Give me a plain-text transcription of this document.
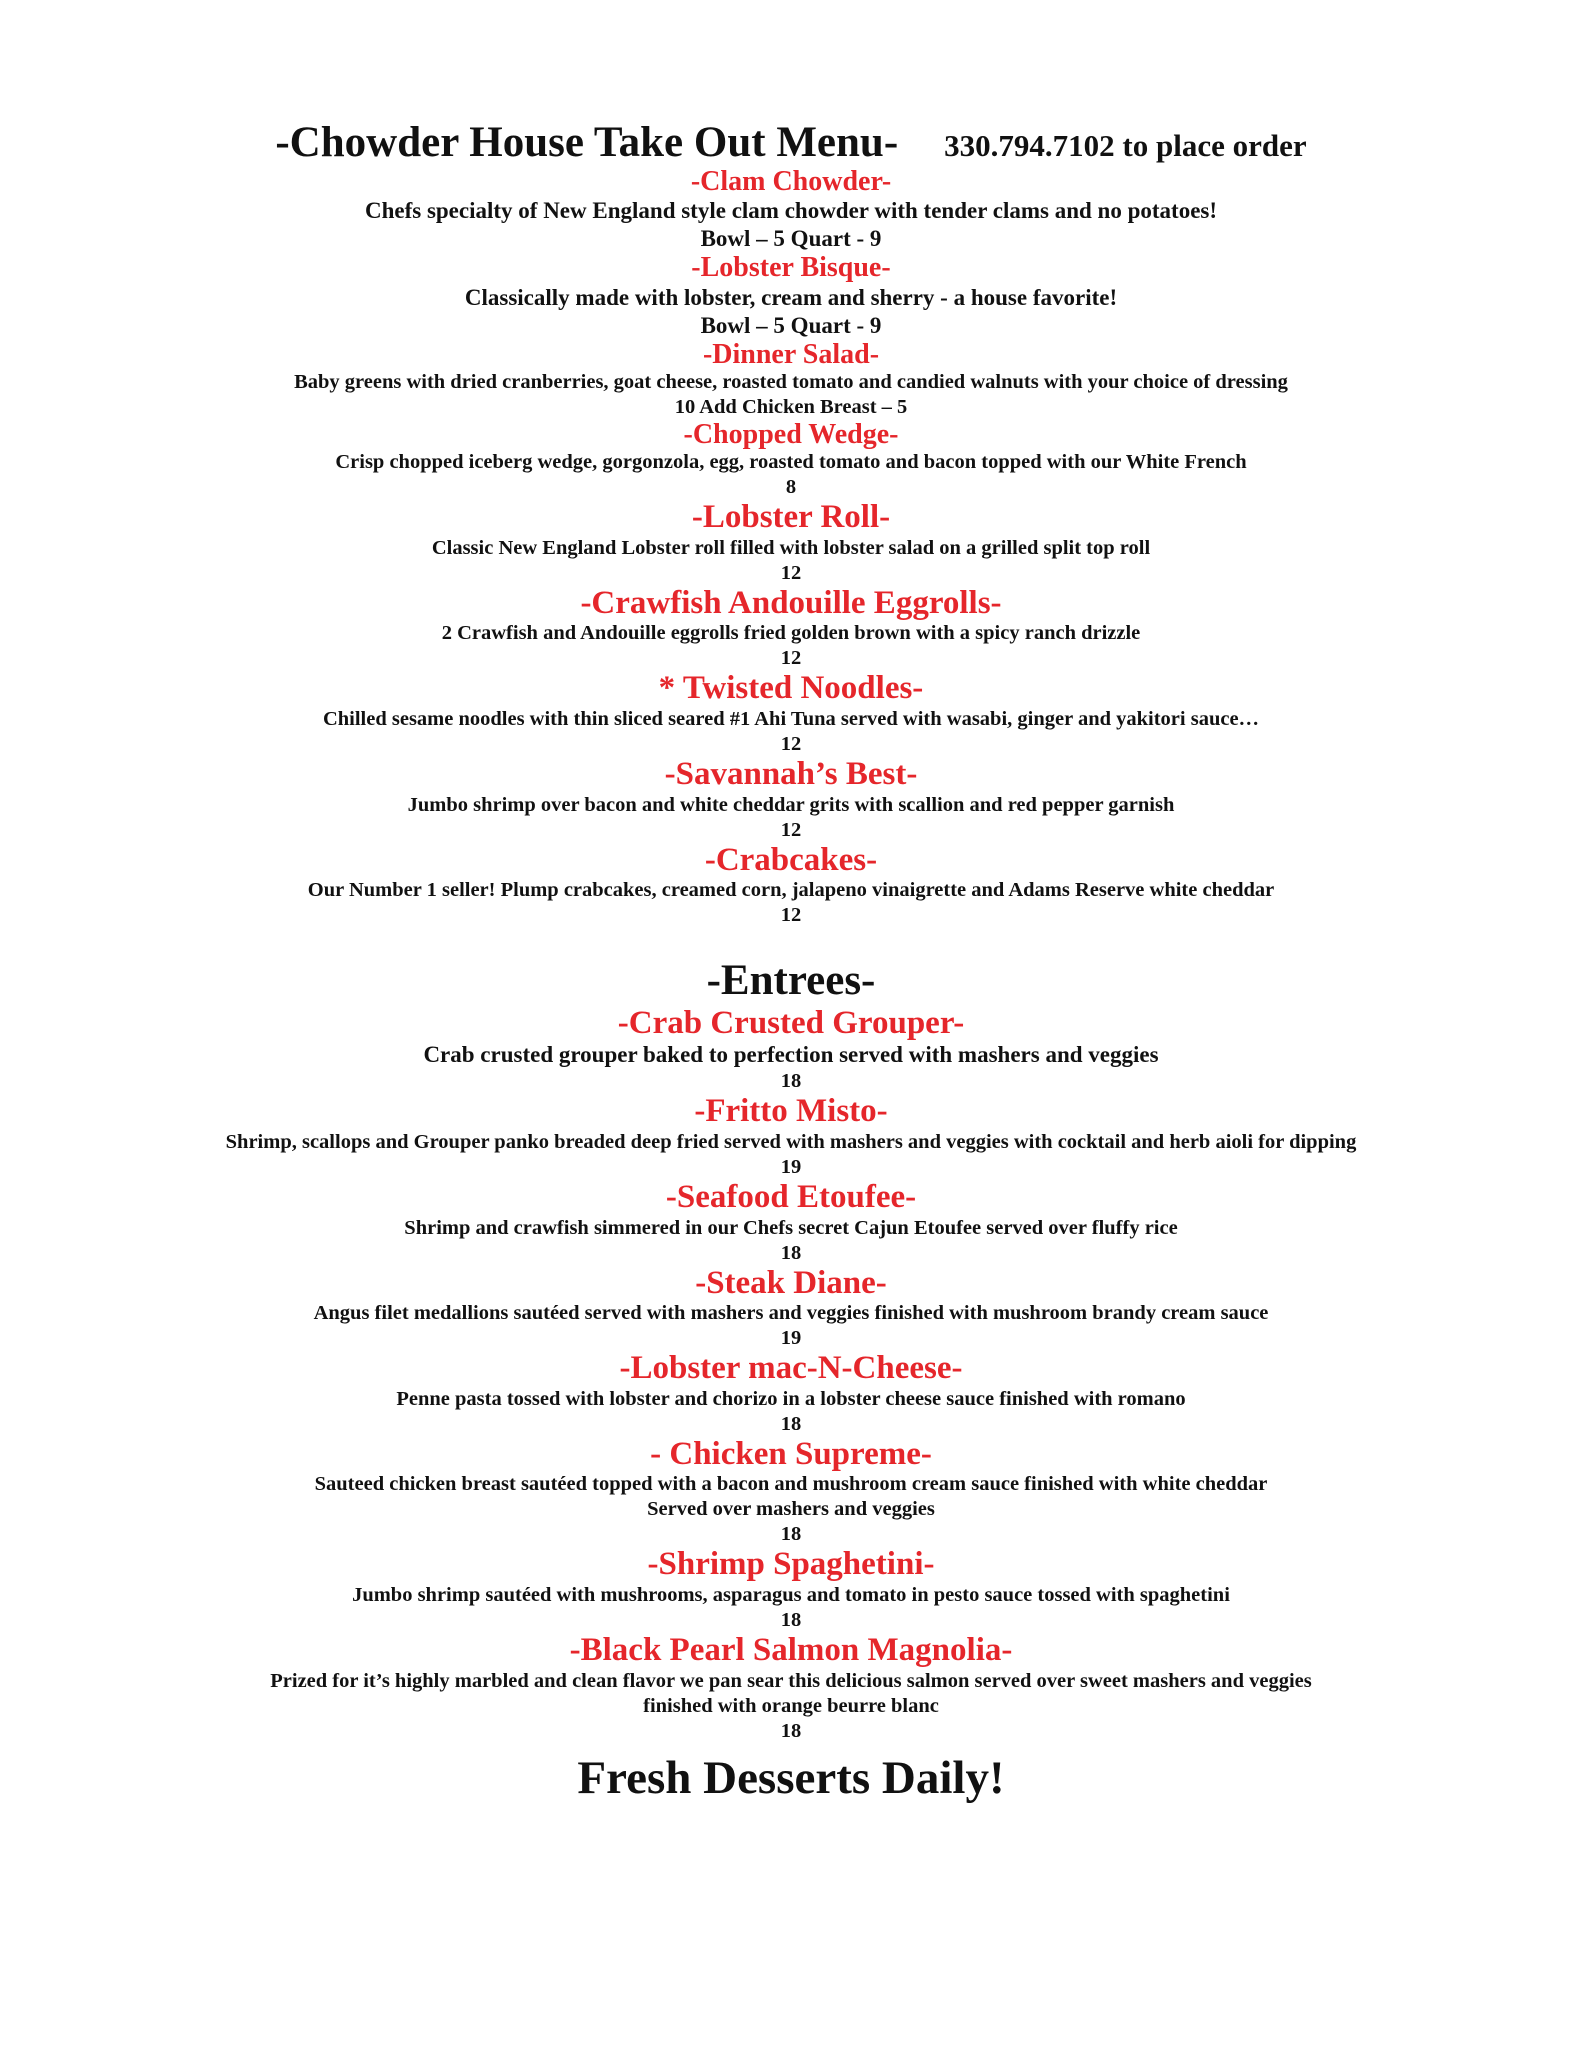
-Chowder House Take Out Menu- 330.794.7102 to place order
-Clam Chowder-
Chefs specialty of New England style clam chowder with tender clams and no potatoes!
Bowl – 5 Quart - 9
-Lobster Bisque-
Classically made with lobster, cream and sherry - a house favorite!
Bowl – 5 Quart - 9
-Dinner Salad-
Baby greens with dried cranberries, goat cheese, roasted tomato and candied walnuts with your choice of dressing
10 Add Chicken Breast – 5
-Chopped Wedge-
Crisp chopped iceberg wedge, gorgonzola, egg, roasted tomato and bacon topped with our White French
8
-Lobster Roll-
Classic New England Lobster roll filled with lobster salad on a grilled split top roll
12
-Crawfish Andouille Eggrolls-
2 Crawfish and Andouille eggrolls fried golden brown with a spicy ranch drizzle
12
* Twisted Noodles-
Chilled sesame noodles with thin sliced seared #1 Ahi Tuna served with wasabi, ginger and yakitori sauce…
12
-Savannah’s Best-
Jumbo shrimp over bacon and white cheddar grits with scallion and red pepper garnish
12
-Crabcakes-
Our Number 1 seller! Plump crabcakes, creamed corn, jalapeno vinaigrette and Adams Reserve white cheddar
12
-Entrees-
-Crab Crusted Grouper-
Crab crusted grouper baked to perfection served with mashers and veggies
18
-Fritto Misto-
Shrimp, scallops and Grouper panko breaded deep fried served with mashers and veggies with cocktail and herb aioli for dipping
19
-Seafood Etoufee-
Shrimp and crawfish simmered in our Chefs secret Cajun Etoufee served over fluffy rice
18
-Steak Diane-
Angus filet medallions sautéed served with mashers and veggies finished with mushroom brandy cream sauce
19
-Lobster mac-N-Cheese-
Penne pasta tossed with lobster and chorizo in a lobster cheese sauce finished with romano
18
- Chicken Supreme-
Sauteed chicken breast sautéed topped with a bacon and mushroom cream sauce finished with white cheddar
Served over mashers and veggies
18
-Shrimp Spaghetini-
Jumbo shrimp sautéed with mushrooms, asparagus and tomato in pesto sauce tossed with spaghetini
18
-Black Pearl Salmon Magnolia-
Prized for it’s highly marbled and clean flavor we pan sear this delicious salmon served over sweet mashers and veggies
finished with orange beurre blanc
18
Fresh Desserts Daily!
